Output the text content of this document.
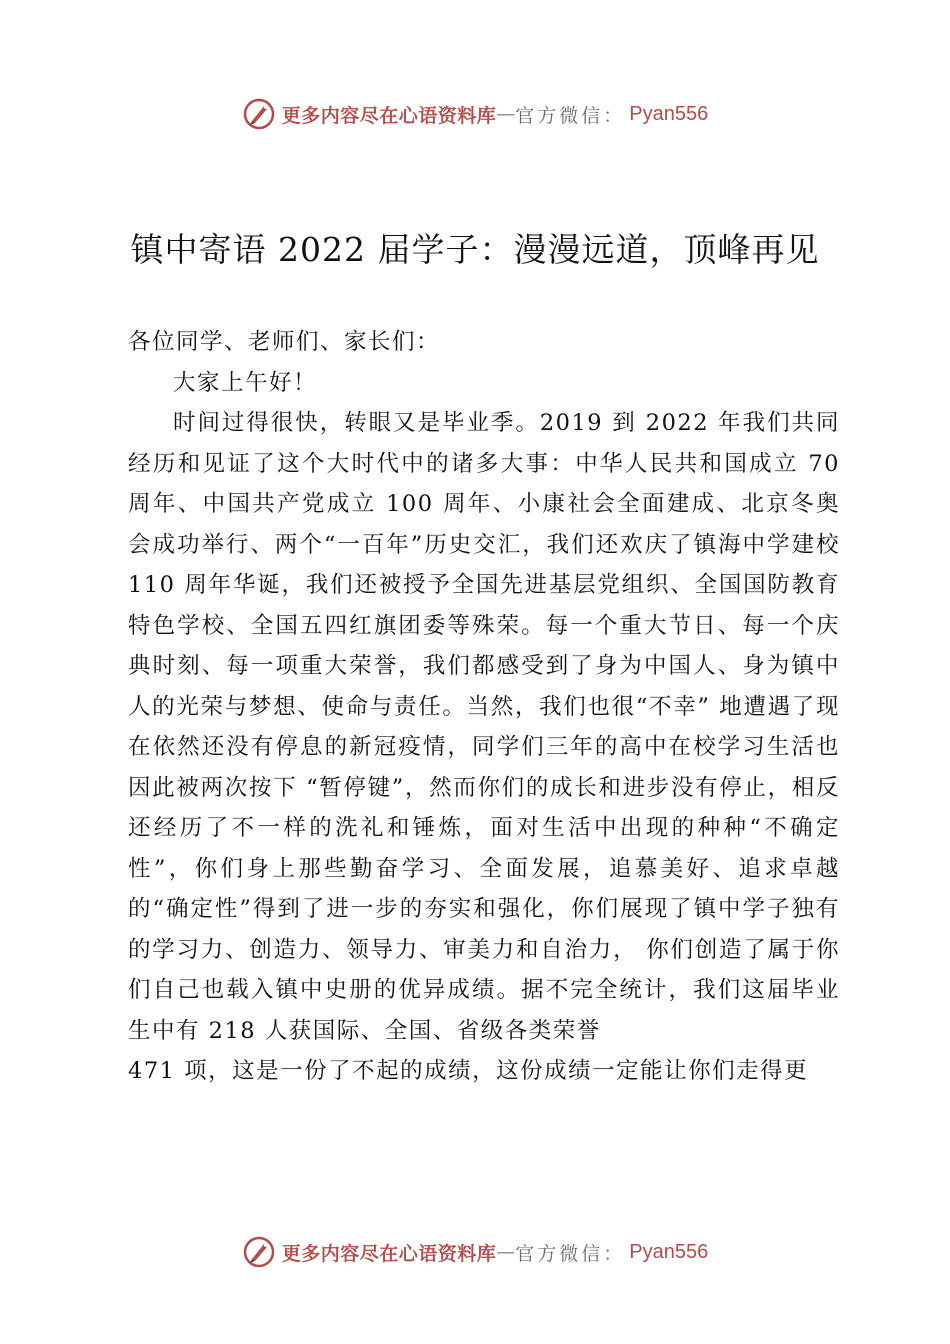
更多内容尽在心语资料库 — 官方微信： Pyan556
镇中寄语 2022 届学子：漫漫远道，顶峰再见

各位同学、老师们、家长们：

大家上午好！

时间过得很快，转眼又是毕业季。2019 到 2022 年我们共同经历和见证了这个大时代中的诸多大事：中华人民共和国成立 70 周年、中国共产党成立 100 周年、小康社会全面建成、北京冬奥会成功举行、两个“一百年”历史交汇，我们还欢庆了镇海中学建校 110 周年华诞，我们还被授予全国先进基层党组织、全国国防教育特色学校、全国五四红旗团委等殊荣。每一个重大节日、每一个庆典时刻、每一项重大荣誉，我们都感受到了身为中国人、身为镇中人的光荣与梦想、使命与责任。当然，我们也很“不幸” 地遭遇了现在依然还没有停息的新冠疫情，同学们三年的高中在校学习生活也因此被两次按下 “暂停键”，然而你们的成长和进步没有停止，相反还经历了不一样的洗礼和锤炼，面对生活中出现的种种“不确定性”，你们身上那些勤奋学习、全面发展，追慕美好、追求卓越的“确定性”得到了进一步的夯实和强化，你们展现了镇中学子独有的学习力、创造力、领导力、审美力和自治力， 你们创造了属于你们自己也载入镇中史册的优异成绩。据不完全统计，我们这届毕业生中有 218 人获国际、全国、省级各类荣誉

471 项，这是一份了不起的成绩，这份成绩一定能让你们走得更

更多内容尽在心语资料库 — 官方微信： Pyan556
